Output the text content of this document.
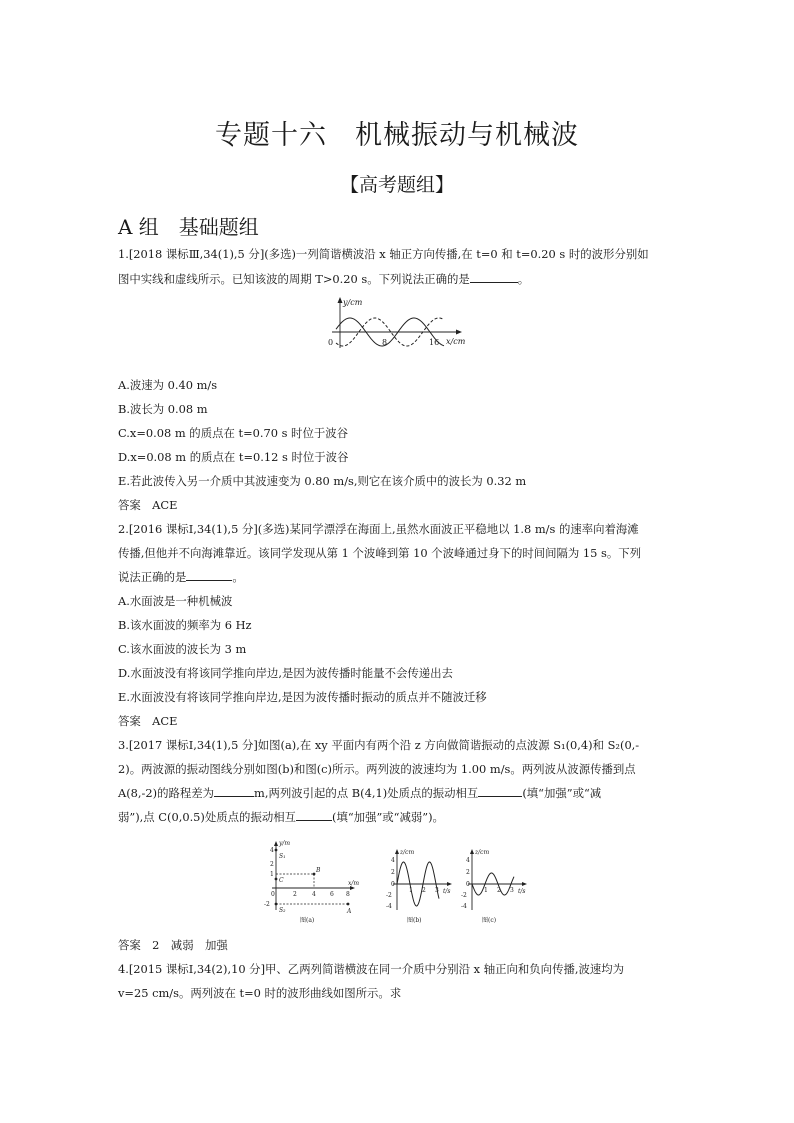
专题十六　机械振动与机械波
【高考题组】
A 组　基础题组
1.[2018 课标Ⅲ,34(1),5 分](多选)一列简谐横波沿 x 轴正方向传播,在 t=0 和 t=0.20 s 时的波形分别如
图中实线和虚线所示。已知该波的周期 T>0.20 s。下列说法正确的是	。
y/cm
x/cm
0	8	16
A.波速为 0.40 m/s
B.波长为 0.08 m
C.x=0.08 m 的质点在 t=0.70 s 时位于波谷
D.x=0.08 m 的质点在 t=0.12 s 时位于波谷
E.若此波传入另一介质中其波速变为 0.80 m/s,则它在该介质中的波长为 0.32 m
答案　ACE
2.[2016 课标Ⅰ,34(1),5 分](多选)某同学漂浮在海面上,虽然水面波正平稳地以 1.8 m/s 的速率向着海滩
传播,但他并不向海滩靠近。该同学发现从第 1 个波峰到第 10 个波峰通过身下的时间间隔为 15 s。下列
说法正确的是	。
A.水面波是一种机械波
B.该水面波的频率为 6 Hz
C.该水面波的波长为 3 m
D.水面波没有将该同学推向岸边,是因为波传播时能量不会传递出去
E.水面波没有将该同学推向岸边,是因为波传播时振动的质点并不随波迁移
答案　ACE
3.[2017 课标Ⅰ,34(1),5 分]如图(a),在 xy 平面内有两个沿 z 方向做简谐振动的点波源 S₁(0,4)和 S₂(0,-
2)。两波源的振动图线分别如图(b)和图(c)所示。两列波的波速均为 1.00 m/s。两列波从波源传播到点
A(8,-2)的路程差为	m,两列波引起的点 B(4,1)处质点的振动相互	(填“加强”或“减
弱”),点 C(0,0.5)处质点的振动相互	(填“加强”或“减弱”)。
y/m
x/m
4
2
1
-2
0	2	4 6 8
S₁
S₂
B
C
A
图(a)
z/cm
t/s
4
2
0
-2
-4
1 2 3
图(b)
z/cm
t/s
4
2
0
-2
-4
1 2 3
图(c)
答案　2　减弱　加强
4.[2015 课标Ⅰ,34(2),10 分]甲、乙两列简谐横波在同一介质中分别沿 x 轴正向和负向传播,波速均为
v=25 cm/s。两列波在 t=0 时的波形曲线如图所示。求
